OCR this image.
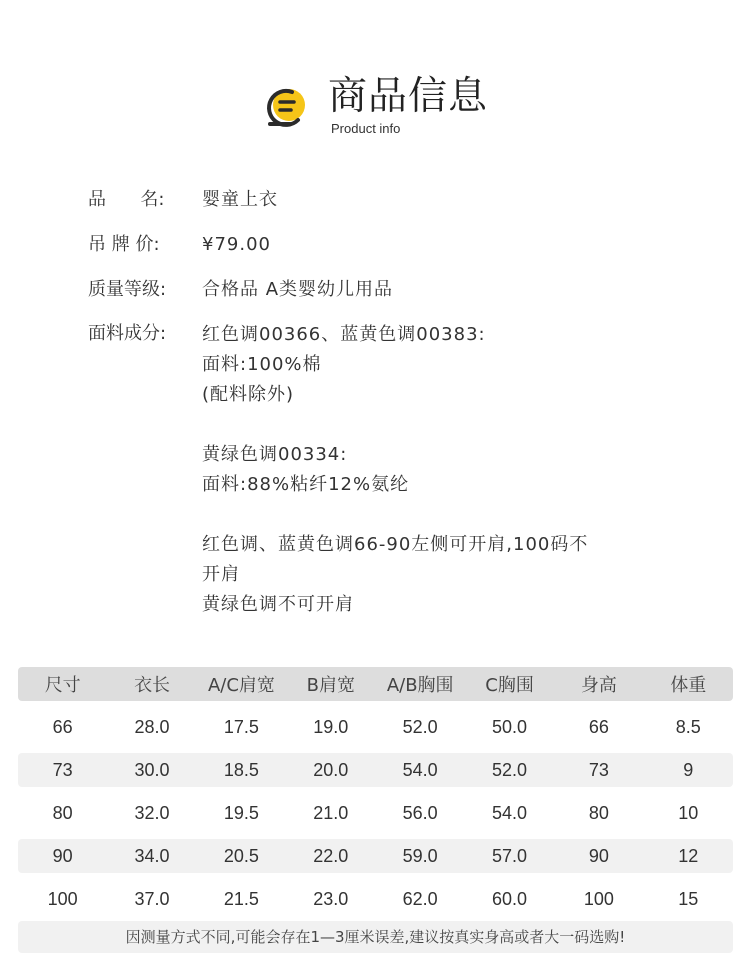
商品信息
Product info
品      名: 婴童上衣
吊 牌 价: ¥79.00
质量等级: 合格品 A类婴幼儿用品
面料成分: 红色调00366、蓝黄色调00383:
面料:100%棉
(配料除外)
黄绿色调00334:
面料:88%粘纤12%氨纶
红色调、蓝黄色调66-90左侧可开肩,100码不
开肩
黄绿色调不可开肩
尺寸	衣长	A/C肩宽	B肩宽	A/B胸围	C胸围	身高	体重
66	28.0	17.5	19.0	52.0	50.0	66	8.5
73	30.0	18.5	20.0	54.0	52.0	73	9
80	32.0	19.5	21.0	56.0	54.0	80	10
90	34.0	20.5	22.0	59.0	57.0	90	12
100	37.0	21.5	23.0	62.0	60.0	100	15
因测量方式不同,可能会存在1—3厘米误差,建议按真实身高或者大一码选购!
